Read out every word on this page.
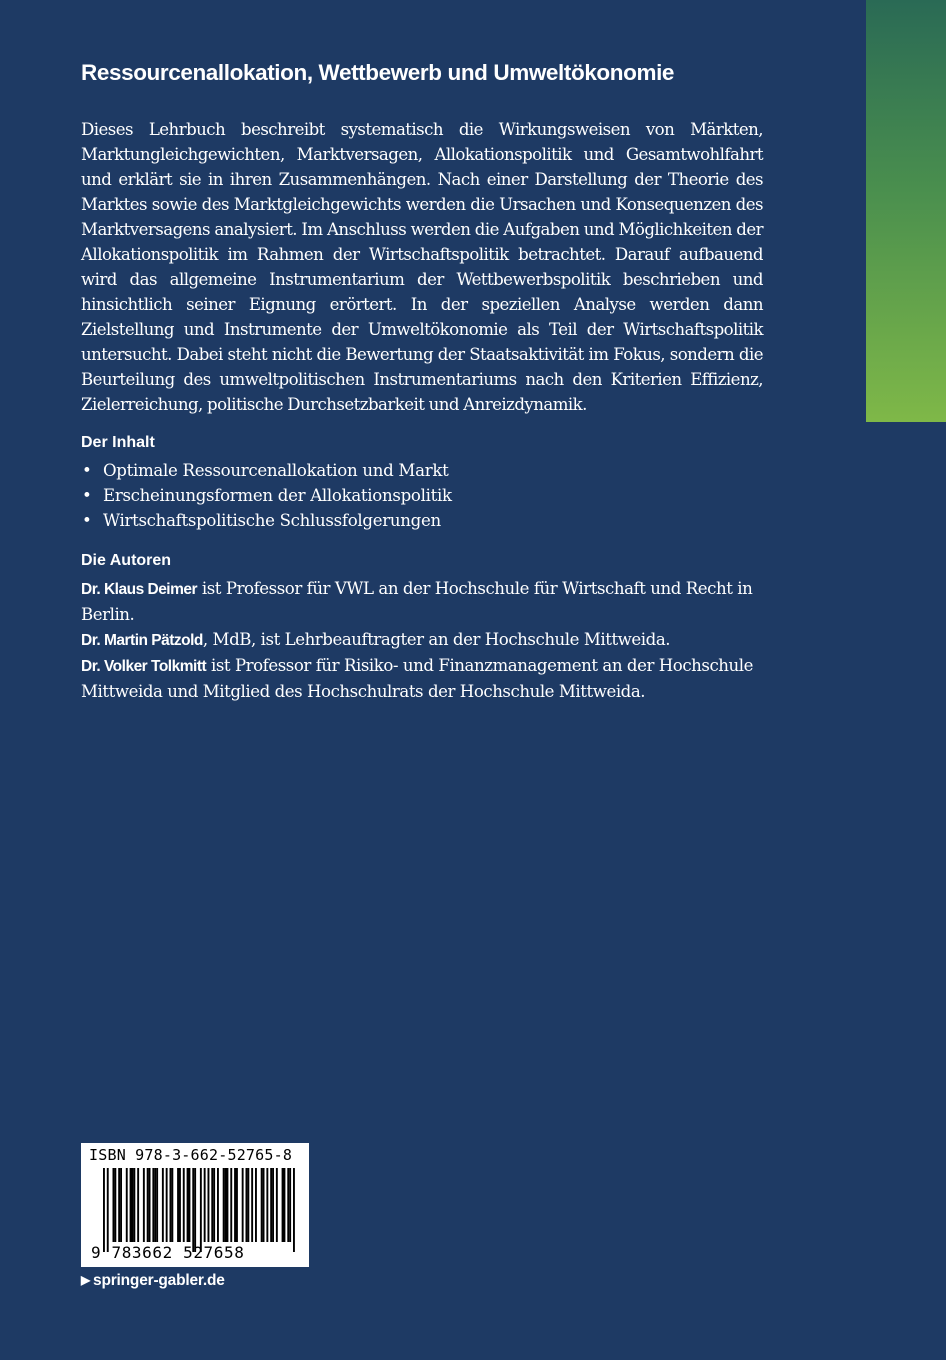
Ressourcenallokation, Wettbewerb und Umweltökonomie

Dieses Lehrbuch beschreibt systematisch die Wirkungsweisen von Märkten, Marktungleichgewichten, Marktversagen, Allokationspolitik und Gesamtwohlfahrt und erklärt sie in ihren Zusammenhängen. Nach einer Darstellung der Theorie des Marktes sowie des Marktgleichgewichts werden die Ursachen und Konsequenzen des Marktversagens analysiert. Im Anschluss werden die Aufgaben und Möglichkeiten der Allokationspolitik im Rahmen der Wirtschaftspolitik betrachtet. Darauf aufbauend wird das allgemeine Instrumentarium der Wettbewerbspolitik beschrieben und hinsichtlich seiner Eignung erörtert. In der speziellen Analyse werden dann Zielstellung und Instrumente der Umweltökonomie als Teil der Wirtschaftspolitik untersucht. Dabei steht nicht die Bewertung der Staatsaktivität im Fokus, sondern die Beurteilung des umweltpolitischen Instrumentariums nach den Kriterien Effizienz, Zielerreichung, politische Durchsetzbarkeit und Anreizdynamik.

Der Inhalt
• Optimale Ressourcenallokation und Markt
• Erscheinungsformen der Allokationspolitik
• Wirtschaftspolitische Schlussfolgerungen
Die Autoren

Dr. Klaus Deimer ist Professor für VWL an der Hochschule für Wirtschaft und Recht in Berlin.

Dr. Martin Pätzold, MdB, ist Lehrbeauftragter an der Hochschule Mittweida.

Dr. Volker Tolkmitt ist Professor für Risiko- und Finanzmanagement an der Hochschule Mittweida und Mitglied des Hochschulrats der Hochschule Mittweida.

ISBN 978-3-662-52765-8
9 783662 527658
▶ springer-gabler.de
